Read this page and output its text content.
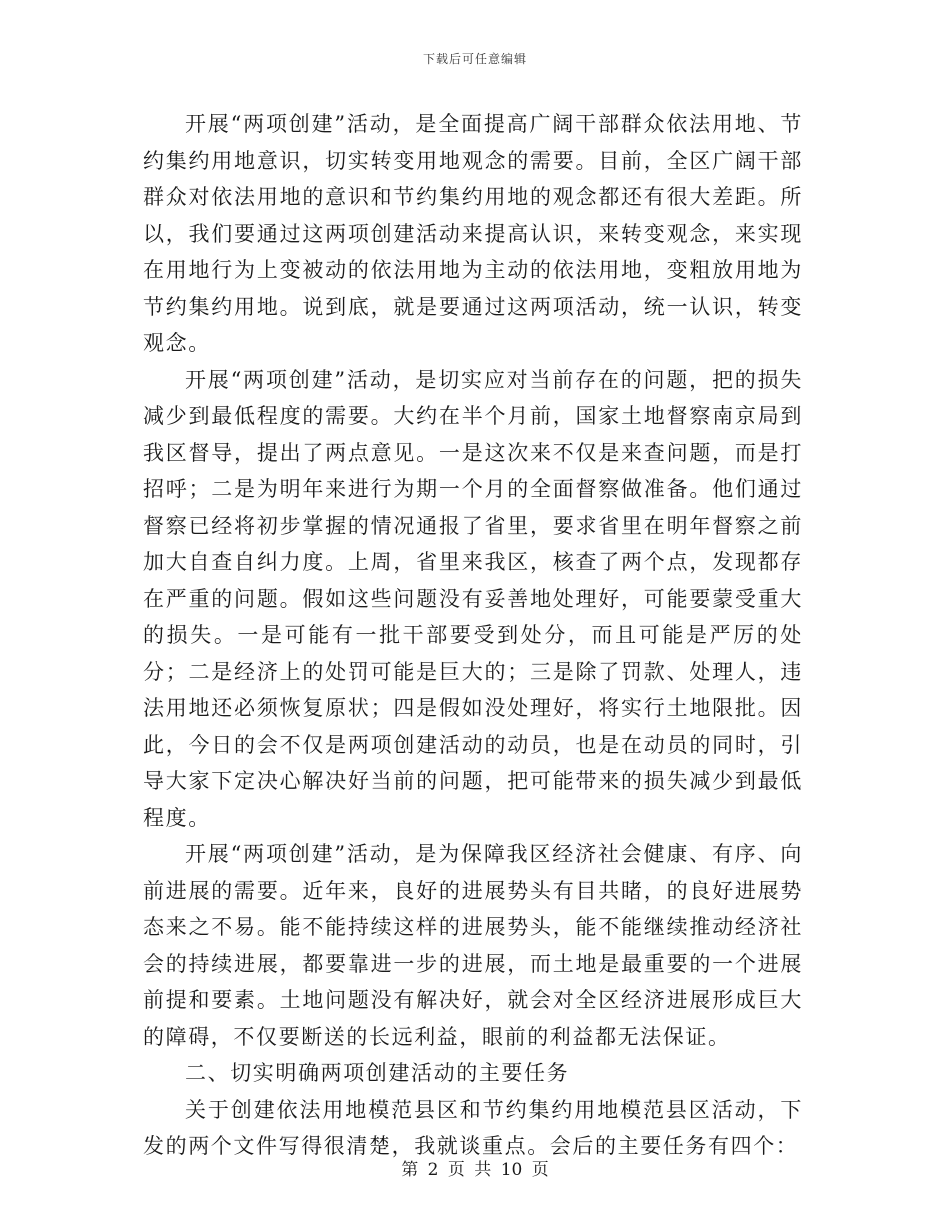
下载后可任意编辑

开展“两项创建”活动，是全面提高广阔干部群众依法用地、节约集约用地意识，切实转变用地观念的需要。目前，全区广阔干部群众对依法用地的意识和节约集约用地的观念都还有很大差距。所以，我们要通过这两项创建活动来提高认识，来转变观念，来实现在用地行为上变被动的依法用地为主动的依法用地，变粗放用地为节约集约用地。说到底，就是要通过这两项活动，统一认识，转变观念。

开展“两项创建”活动，是切实应对当前存在的问题，把的损失减少到最低程度的需要。大约在半个月前，国家土地督察南京局到我区督导，提出了两点意见。一是这次来不仅是来查问题，而是打招呼；二是为明年来进行为期一个月的全面督察做准备。他们通过督察已经将初步掌握的情况通报了省里，要求省里在明年督察之前加大自查自纠力度。上周，省里来我区，核查了两个点，发现都存在严重的问题。假如这些问题没有妥善地处理好，可能要蒙受重大的损失。一是可能有一批干部要受到处分，而且可能是严厉的处分；二是经济上的处罚可能是巨大的；三是除了罚款、处理人，违法用地还必须恢复原状；四是假如没处理好，将实行土地限批。因此，今日的会不仅是两项创建活动的动员，也是在动员的同时，引导大家下定决心解决好当前的问题，把可能带来的损失减少到最低程度。

开展“两项创建”活动，是为保障我区经济社会健康、有序、向前进展的需要。近年来，良好的进展势头有目共睹，的良好进展势态来之不易。能不能持续这样的进展势头，能不能继续推动经济社会的持续进展，都要靠进一步的进展，而土地是最重要的一个进展前提和要素。土地问题没有解决好，就会对全区经济进展形成巨大的障碍，不仅要断送的长远利益，眼前的利益都无法保证。

二、切实明确两项创建活动的主要任务

关于创建依法用地模范县区和节约集约用地模范县区活动，下发的两个文件写得很清楚，我就谈重点。会后的主要任务有四个：

第 2 页 共 10 页
